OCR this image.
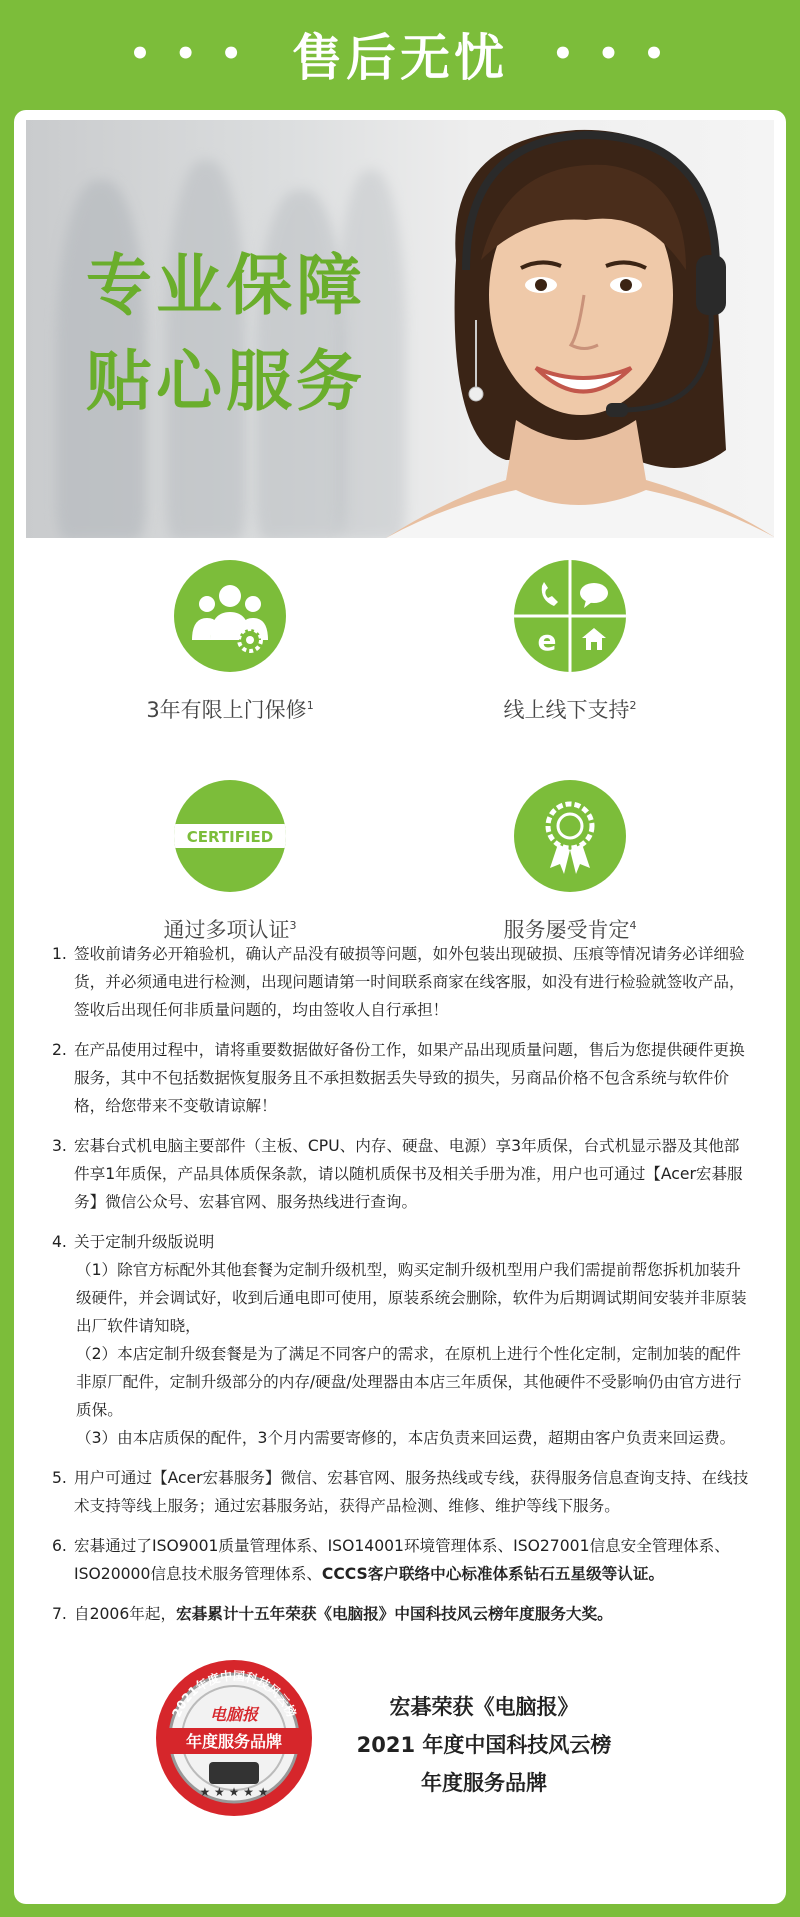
• • • 售后无忧 • • •
专业保障
贴心服务
3年有限上门保修$^1$
e
线上线下支持$^2$
CERTIFIED
通过多项认证$^3$	服务屡受肯定$^4$
1. 签收前请务必开箱验机，确认产品没有破损等问题，如外包装出现破损、压痕等情况请务必详细验货，并必须通电进行检测，出现问题请第一时间联系商家在线客服，如没有进行检验就签收产品，签收后出现任何非质量问题的，均由签收人自行承担！
2. 在产品使用过程中，请将重要数据做好备份工作，如果产品出现质量问题，售后为您提供硬件更换服务，其中不包括数据恢复服务且不承担数据丢失导致的损失，另商品价格不包含系统与软件价格，给您带来不变敬请谅解！
3. 宏碁台式机电脑主要部件（主板、CPU、内存、硬盘、电源）享3年质保，台式机显示器及其他部件享1年质保，产品具体质保条款，请以随机质保书及相关手册为准，用户也可通过【Acer宏碁服务】微信公众号、宏碁官网、服务热线进行查询。
4. 关于定制升级版说明
（1）除官方标配外其他套餐为定制升级机型，购买定制升级机型用户我们需提前帮您拆机加装升级硬件，并会调试好，收到后通电即可使用，原装系统会删除，软件为后期调试期间安装并非原装出厂软件请知晓，
（2）本店定制升级套餐是为了满足不同客户的需求，在原机上进行个性化定制，定制加装的配件非原厂配件，定制升级部分的内存/硬盘/处理器由本店三年质保，其他硬件不受影响仍由官方进行质保。
（3）由本店质保的配件，3个月内需要寄修的，本店负责来回运费，超期由客户负责来回运费。
5. 用户可通过【Acer宏碁服务】微信、宏碁官网、服务热线或专线，获得服务信息查询支持、在线技术支持等线上服务；通过宏碁服务站，获得产品检测、维修、维护等线下服务。
6. 宏碁通过了ISO9001质量管理体系、ISO14001环境管理体系、ISO27001信息安全管理体系、ISO20000信息技术服务管理体系、CCCS客户联络中心标准体系钻石五星级等认证。
7. 自2006年起，宏碁累计十五年荣获《电脑报》中国科技风云榜年度服务大奖。
2021年度中国科技风云榜
电脑报
年度服务品牌
★ ★ ★ ★ ★
宏碁荣获《电脑报》
2021 年度中国科技风云榜
年度服务品牌
